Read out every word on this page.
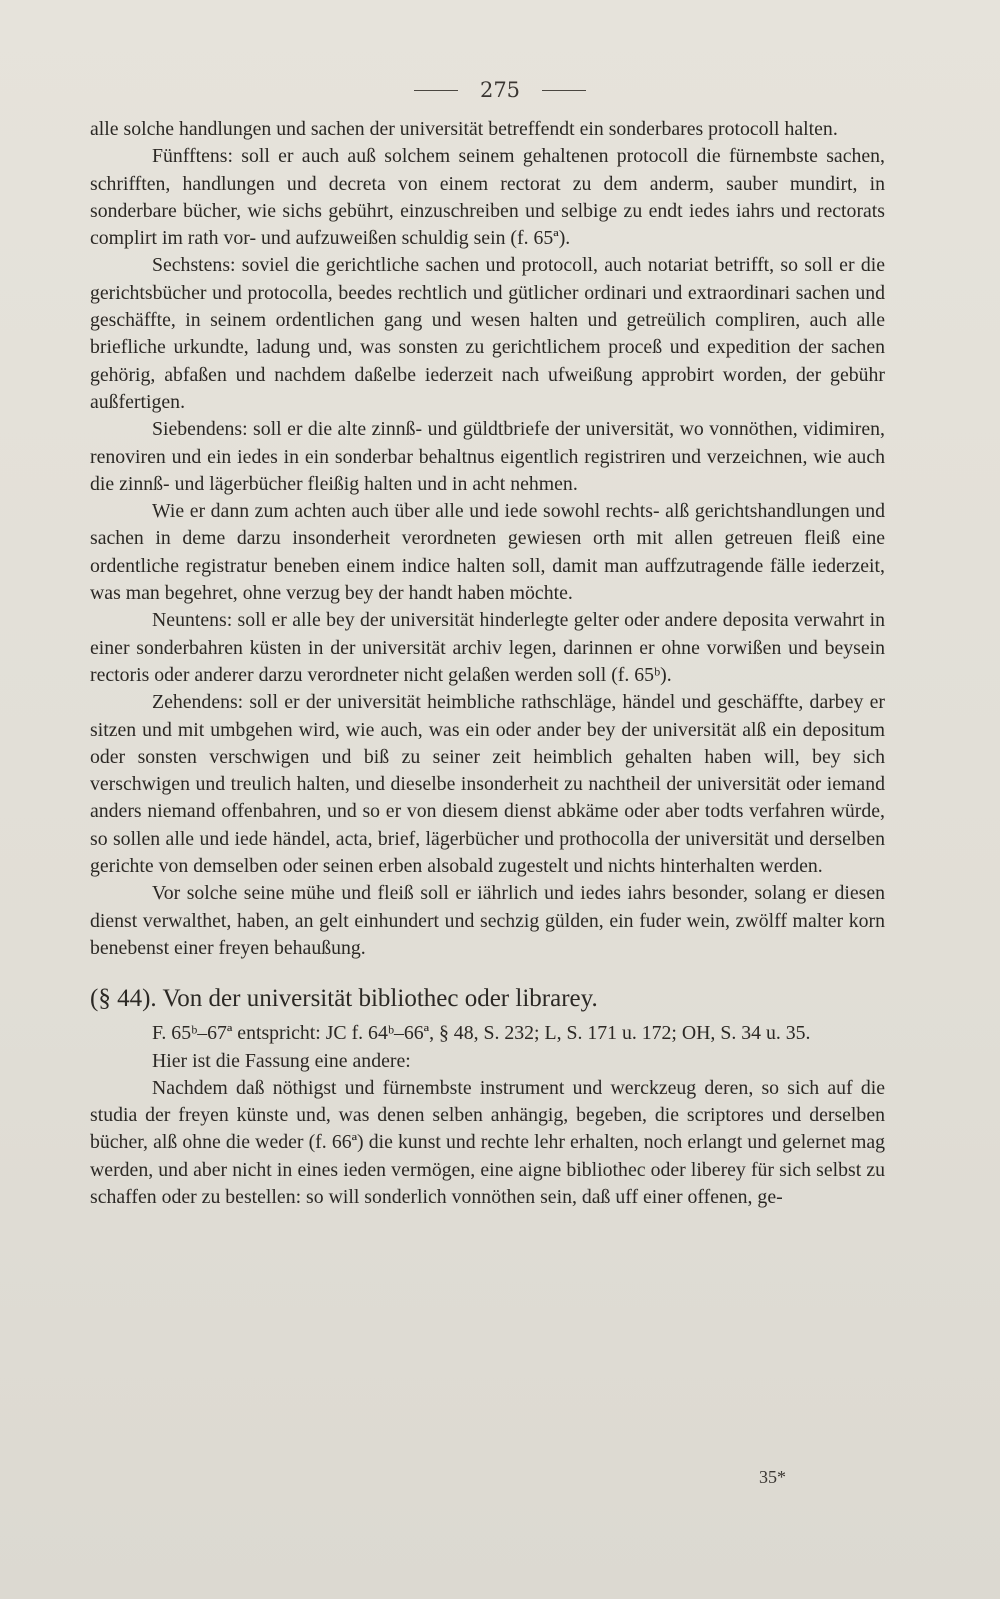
275

alle solche handlungen und sachen der universität betreffendt ein sonderbares protocoll halten.

Fünfftens: soll er auch auß solchem seinem gehaltenen protocoll die fürnembste sachen, schrifften, handlungen und decreta von einem rectorat zu dem anderm, sauber mundirt, in sonderbare bücher, wie sichs gebührt, einzuschreiben und selbige zu endt iedes iahrs und rectorats complirt im rath vor- und aufzuweißen schuldig sein (f. 65ª).

Sechstens: soviel die gerichtliche sachen und protocoll, auch notariat betrifft, so soll er die gerichtsbücher und protocolla, beedes rechtlich und gütlicher ordinari und extraordinari sachen und geschäffte, in seinem ordentlichen gang und wesen halten und getreülich compliren, auch alle briefliche urkundte, ladung und, was sonsten zu gerichtlichem proceß und expedition der sachen gehörig, abfaßen und nachdem daßelbe iederzeit nach ufweißung approbirt worden, der gebühr außfertigen.

Siebendens: soll er die alte zinnß- und güldtbriefe der universität, wo vonnöthen, vidimiren, renoviren und ein iedes in ein sonderbar behaltnus eigentlich registriren und verzeichnen, wie auch die zinnß- und lägerbücher fleißig halten und in acht nehmen.

Wie er dann zum achten auch über alle und iede sowohl rechts- alß gerichtshandlungen und sachen in deme darzu insonderheit verordneten gewiesen orth mit allen getreuen fleiß eine ordentliche registratur beneben einem indice halten soll, damit man auffzutragende fälle iederzeit, was man begehret, ohne verzug bey der handt haben möchte.

Neuntens: soll er alle bey der universität hinderlegte gelter oder andere deposita verwahrt in einer sonderbahren küsten in der universität archiv legen, darinnen er ohne vorwißen und beysein rectoris oder anderer darzu verordneter nicht gelaßen werden soll (f. 65ᵇ).

Zehendens: soll er der universität heimbliche rathschläge, händel und geschäffte, darbey er sitzen und mit umbgehen wird, wie auch, was ein oder ander bey der universität alß ein depositum oder sonsten verschwigen und biß zu seiner zeit heimblich gehalten haben will, bey sich verschwigen und treulich halten, und dieselbe insonderheit zu nachtheil der universität oder iemand anders niemand offenbahren, und so er von diesem dienst abkäme oder aber todts verfahren würde, so sollen alle und iede händel, acta, brief, lägerbücher und prothocolla der universität und derselben gerichte von demselben oder seinen erben alsobald zugestelt und nichts hinterhalten werden.

Vor solche seine mühe und fleiß soll er iährlich und iedes iahrs besonder, solang er diesen dienst verwalthet, haben, an gelt einhundert und sechzig gülden, ein fuder wein, zwölff malter korn benebenst einer freyen behaußung.

(§ 44). Von der universität bibliothec oder librarey.

F. 65ᵇ–67ª entspricht: JC f. 64ᵇ–66ª, § 48, S. 232; L, S. 171 u. 172; OH, S. 34 u. 35.

Hier ist die Fassung eine andere:

Nachdem daß nöthigst und fürnembste instrument und werckzeug deren, so sich auf die studia der freyen künste und, was denen selben anhängig, begeben, die scriptores und derselben bücher, alß ohne die weder (f. 66ª) die kunst und rechte lehr erhalten, noch erlangt und gelernet mag werden, und aber nicht in eines ieden vermögen, eine aigne bibliothec oder liberey für sich selbst zu schaffen oder zu bestellen: so will sonderlich vonnöthen sein, daß uff einer offenen, ge-

35*
